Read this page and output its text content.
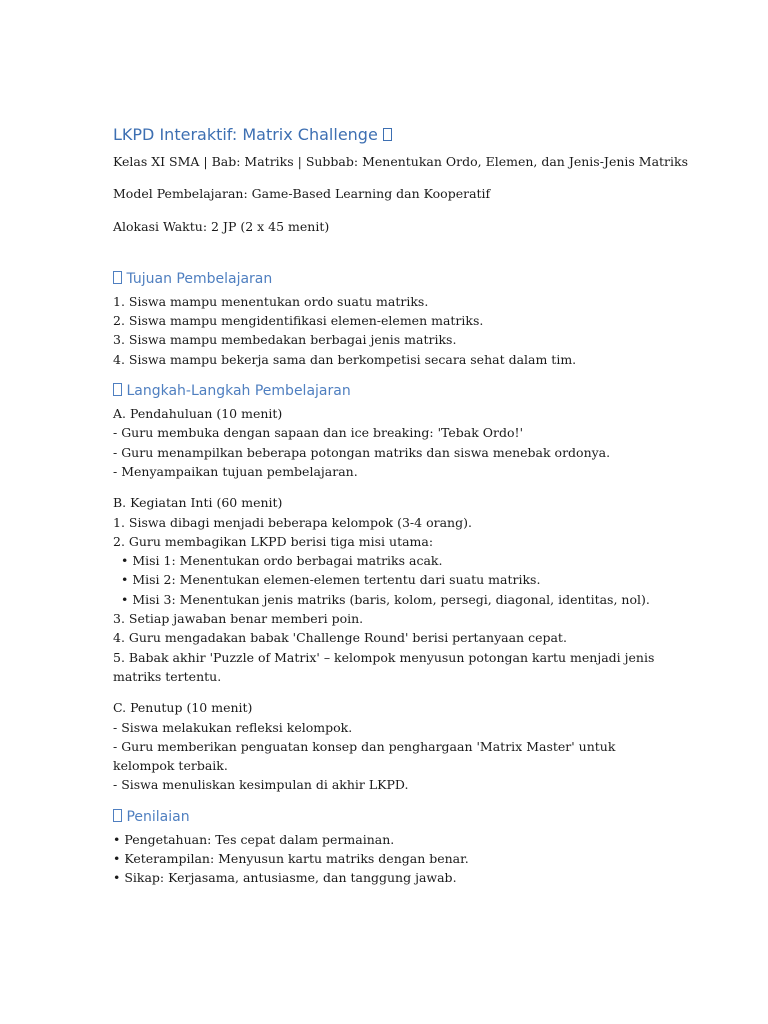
LKPD Interaktif: Matrix Challenge

Kelas XI SMA | Bab: Matriks | Subbab: Menentukan Ordo, Elemen, dan Jenis-Jenis Matriks

Model Pembelajaran: Game-Based Learning dan Kooperatif

Alokasi Waktu: 2 JP (2 x 45 menit)

Tujuan Pembelajaran

1. Siswa mampu menentukan ordo suatu matriks.

2. Siswa mampu mengidentifikasi elemen-elemen matriks.

3. Siswa mampu membedakan berbagai jenis matriks.

4. Siswa mampu bekerja sama dan berkompetisi secara sehat dalam tim.

Langkah-Langkah Pembelajaran

A. Pendahuluan (10 menit)

- Guru membuka dengan sapaan dan ice breaking: 'Tebak Ordo!'

- Guru menampilkan beberapa potongan matriks dan siswa menebak ordonya.

- Menyampaikan tujuan pembelajaran.

B. Kegiatan Inti (60 menit)

1. Siswa dibagi menjadi beberapa kelompok (3-4 orang).

2. Guru membagikan LKPD berisi tiga misi utama:

• Misi 1: Menentukan ordo berbagai matriks acak.

• Misi 2: Menentukan elemen-elemen tertentu dari suatu matriks.

• Misi 3: Menentukan jenis matriks (baris, kolom, persegi, diagonal, identitas, nol).

3. Setiap jawaban benar memberi poin.

4. Guru mengadakan babak 'Challenge Round' berisi pertanyaan cepat.

5. Babak akhir 'Puzzle of Matrix' – kelompok menyusun potongan kartu menjadi jenis matriks tertentu.

C. Penutup (10 menit)

- Siswa melakukan refleksi kelompok.

- Guru memberikan penguatan konsep dan penghargaan 'Matrix Master' untuk kelompok terbaik.

- Siswa menuliskan kesimpulan di akhir LKPD.

Penilaian

• Pengetahuan: Tes cepat dalam permainan.

• Keterampilan: Menyusun kartu matriks dengan benar.

• Sikap: Kerjasama, antusiasme, dan tanggung jawab.
